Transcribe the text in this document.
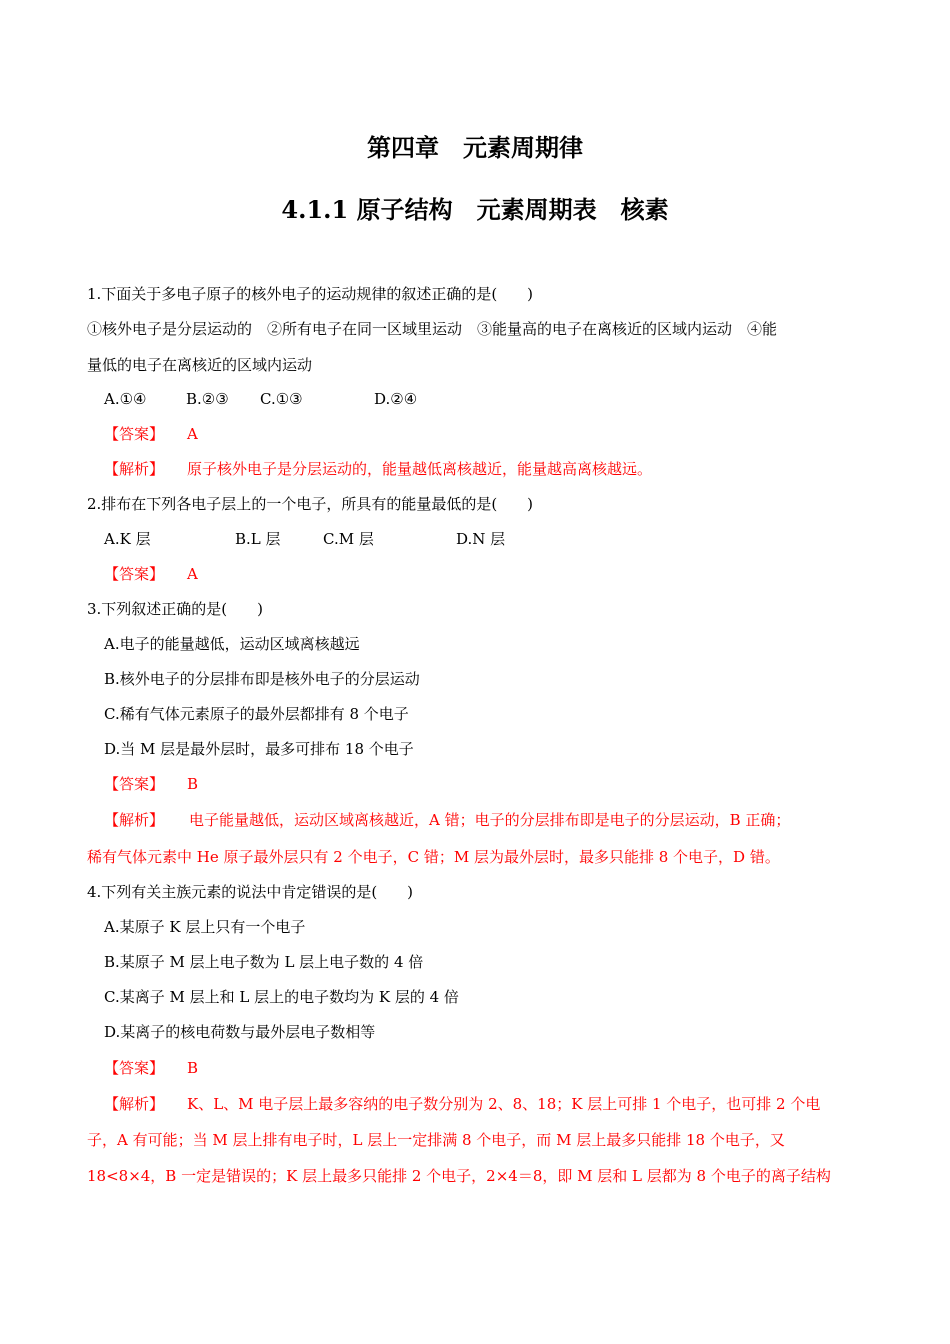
第四章　元素周期律
4.1.1 原子结构　元素周期表　核素
1.下面关于多电子原子的核外电子的运动规律的叙述正确的是(　　)
①核外电子是分层运动的　②所有电子在同一区域里运动　③能量高的电子在离核近的区域内运动　④能
量低的电子在离核近的区域内运动
A.①④	B.②③ C.①③	D.②④
【答案】 A
【解析】 原子核外电子是分层运动的，能量越低离核越近，能量越高离核越远。
2.排布在下列各电子层上的一个电子，所具有的能量最低的是(　　)
A.K 层	B.L 层	C.M 层	D.N 层
【答案】 A
3.下列叙述正确的是(　　)
A.电子的能量越低，运动区域离核越远
B.核外电子的分层排布即是核外电子的分层运动
C.稀有气体元素原子的最外层都排有 8 个电子
D.当 M 层是最外层时，最多可排布 18 个电子
【答案】 B
【解析】 电子能量越低，运动区域离核越近，A 错；电子的分层排布即是电子的分层运动，B 正确；
稀有气体元素中 He 原子最外层只有 2 个电子，C 错；M 层为最外层时，最多只能排 8 个电子，D 错。
4.下列有关主族元素的说法中肯定错误的是(　　)
A.某原子 K 层上只有一个电子
B.某原子 M 层上电子数为 L 层上电子数的 4 倍
C.某离子 M 层上和 L 层上的电子数均为 K 层的 4 倍
D.某离子的核电荷数与最外层电子数相等
【答案】 B
【解析】 K、L、M 电子层上最多容纳的电子数分别为 2、8、18；K 层上可排 1 个电子，也可排 2 个电
子，A 有可能；当 M 层上排有电子时，L 层上一定排满 8 个电子，而 M 层上最多只能排 18 个电子，又
18<8×4，B 一定是错误的；K 层上最多只能排 2 个电子，2×4＝8，即 M 层和 L 层都为 8 个电子的离子结构
